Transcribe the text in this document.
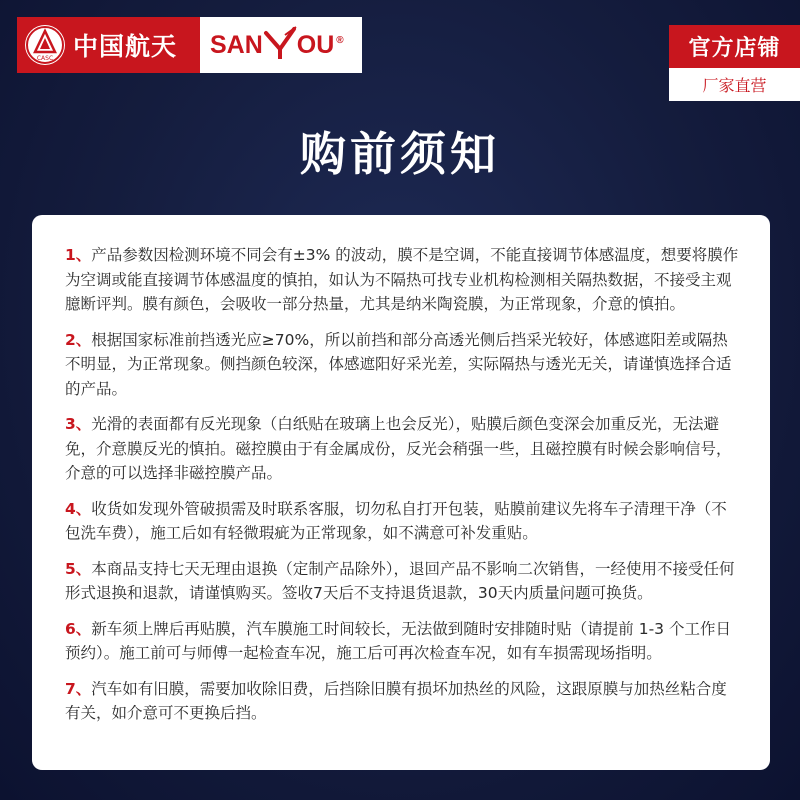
CASC 中国航天 SAN OU ®	官方店铺
厂家直营
购前须知
1、产品参数因检测环境不同会有±3% 的波动，膜不是空调，不能直接调节体感温度，想要将膜作为空调或能直接调节体感温度的慎拍，如认为不隔热可找专业机构检测相关隔热数据，不接受主观臆断评判。膜有颜色，会吸收一部分热量，尤其是纳米陶瓷膜，为正常现象，介意的慎拍。
2、根据国家标准前挡透光应≥70%，所以前挡和部分高透光侧后挡采光较好，体感遮阳差或隔热不明显，为正常现象。侧挡颜色较深，体感遮阳好采光差，实际隔热与透光无关，请谨慎选择合适的产品。
3、光滑的表面都有反光现象（白纸贴在玻璃上也会反光），贴膜后颜色变深会加重反光，无法避免，介意膜反光的慎拍。磁控膜由于有金属成份，反光会稍强一些，且磁控膜有时候会影响信号，介意的可以选择非磁控膜产品。
4、收货如发现外管破损需及时联系客服，切勿私自打开包装，贴膜前建议先将车子清理干净（不包洗车费），施工后如有轻微瑕疵为正常现象，如不满意可补发重贴。
5、本商品支持七天无理由退换（定制产品除外），退回产品不影响二次销售，一经使用不接受任何形式退换和退款，请谨慎购买。签收7天后不支持退货退款，30天内质量问题可换货。
6、新车须上牌后再贴膜，汽车膜施工时间较长，无法做到随时安排随时贴（请提前 1-3 个工作日预约）。施工前可与师傅一起检查车况，施工后可再次检查车况，如有车损需现场指明。
7、汽车如有旧膜，需要加收除旧费，后挡除旧膜有损坏加热丝的风险，这跟原膜与加热丝粘合度有关，如介意可不更换后挡。
